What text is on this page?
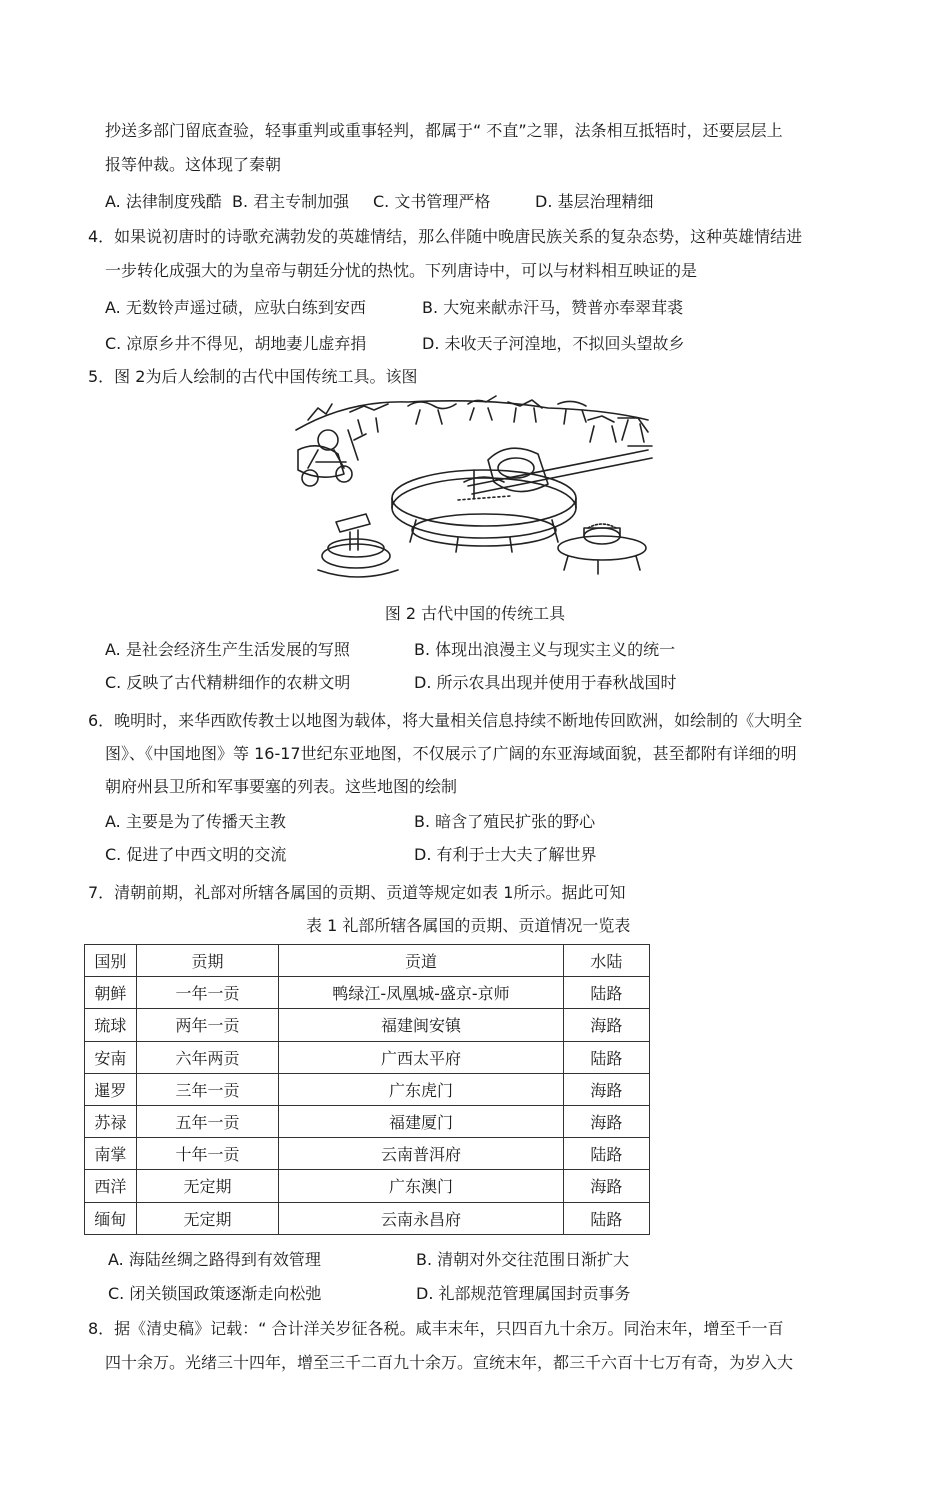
抄送多部门留底查验，轻事重判或重事轻判，都属于“ 不直”之罪，法条相互抵牾时，还要层层上
报等仲裁。这体现了秦朝
A. 法律制度残酷 B. 君主专制加强 C. 文书管理严格	D. 基层治理精细
4．如果说初唐时的诗歌充满勃发的英雄情结，那么伴随中晚唐民族关系的复杂态势，这种英雄情结进
一步转化成强大的为皇帝与朝廷分忧的热忱。下列唐诗中，可以与材料相互映证的是
A. 无数铃声遥过碛，应驮白练到安西	B. 大宛来献赤汗马，赞普亦奉翠茸裘
C. 凉原乡井不得见，胡地妻儿虚弃捐	D. 未收天子河湟地，不拟回头望故乡
5．图 2为后人绘制的古代中国传统工具。该图
图 2 古代中国的传统工具
A. 是社会经济生产生活发展的写照	B. 体现出浪漫主义与现实主义的统一
C. 反映了古代精耕细作的农耕文明	D. 所示农具出现并使用于春秋战国时
6．晚明时，来华西欧传教士以地图为载体，将大量相关信息持续不断地传回欧洲，如绘制的《大明全
图》、《中国地图》等 16-17世纪东亚地图，不仅展示了广阔的东亚海域面貌，甚至都附有详细的明
朝府州县卫所和军事要塞的列表。这些地图的绘制
A. 主要是为了传播天主教	B. 暗含了殖民扩张的野心
C. 促进了中西文明的交流	D. 有利于士大夫了解世界
7．清朝前期，礼部对所辖各属国的贡期、贡道等规定如表 1所示。据此可知
表 1 礼部所辖各属国的贡期、贡道情况一览表
国别	贡期	贡道	水陆
朝鲜	一年一贡	鸭绿江-凤凰城-盛京-京师	陆路
琉球	两年一贡	福建闽安镇	海路
安南	六年两贡	广西太平府	陆路
暹罗	三年一贡	广东虎门	海路
苏禄	五年一贡	福建厦门	海路
南掌	十年一贡	云南普洱府	陆路
西洋	无定期	广东澳门	海路
缅甸	无定期	云南永昌府	陆路
A. 海陆丝绸之路得到有效管理	B. 清朝对外交往范围日渐扩大
C. 闭关锁国政策逐渐走向松弛	D. 礼部规范管理属国封贡事务
8．据《清史稿》记载：“ 合计洋关岁征各税。咸丰末年，只四百九十余万。同治末年，增至千一百
四十余万。光绪三十四年，增至三千二百九十余万。宣统末年，都三千六百十七万有奇，为岁入大
